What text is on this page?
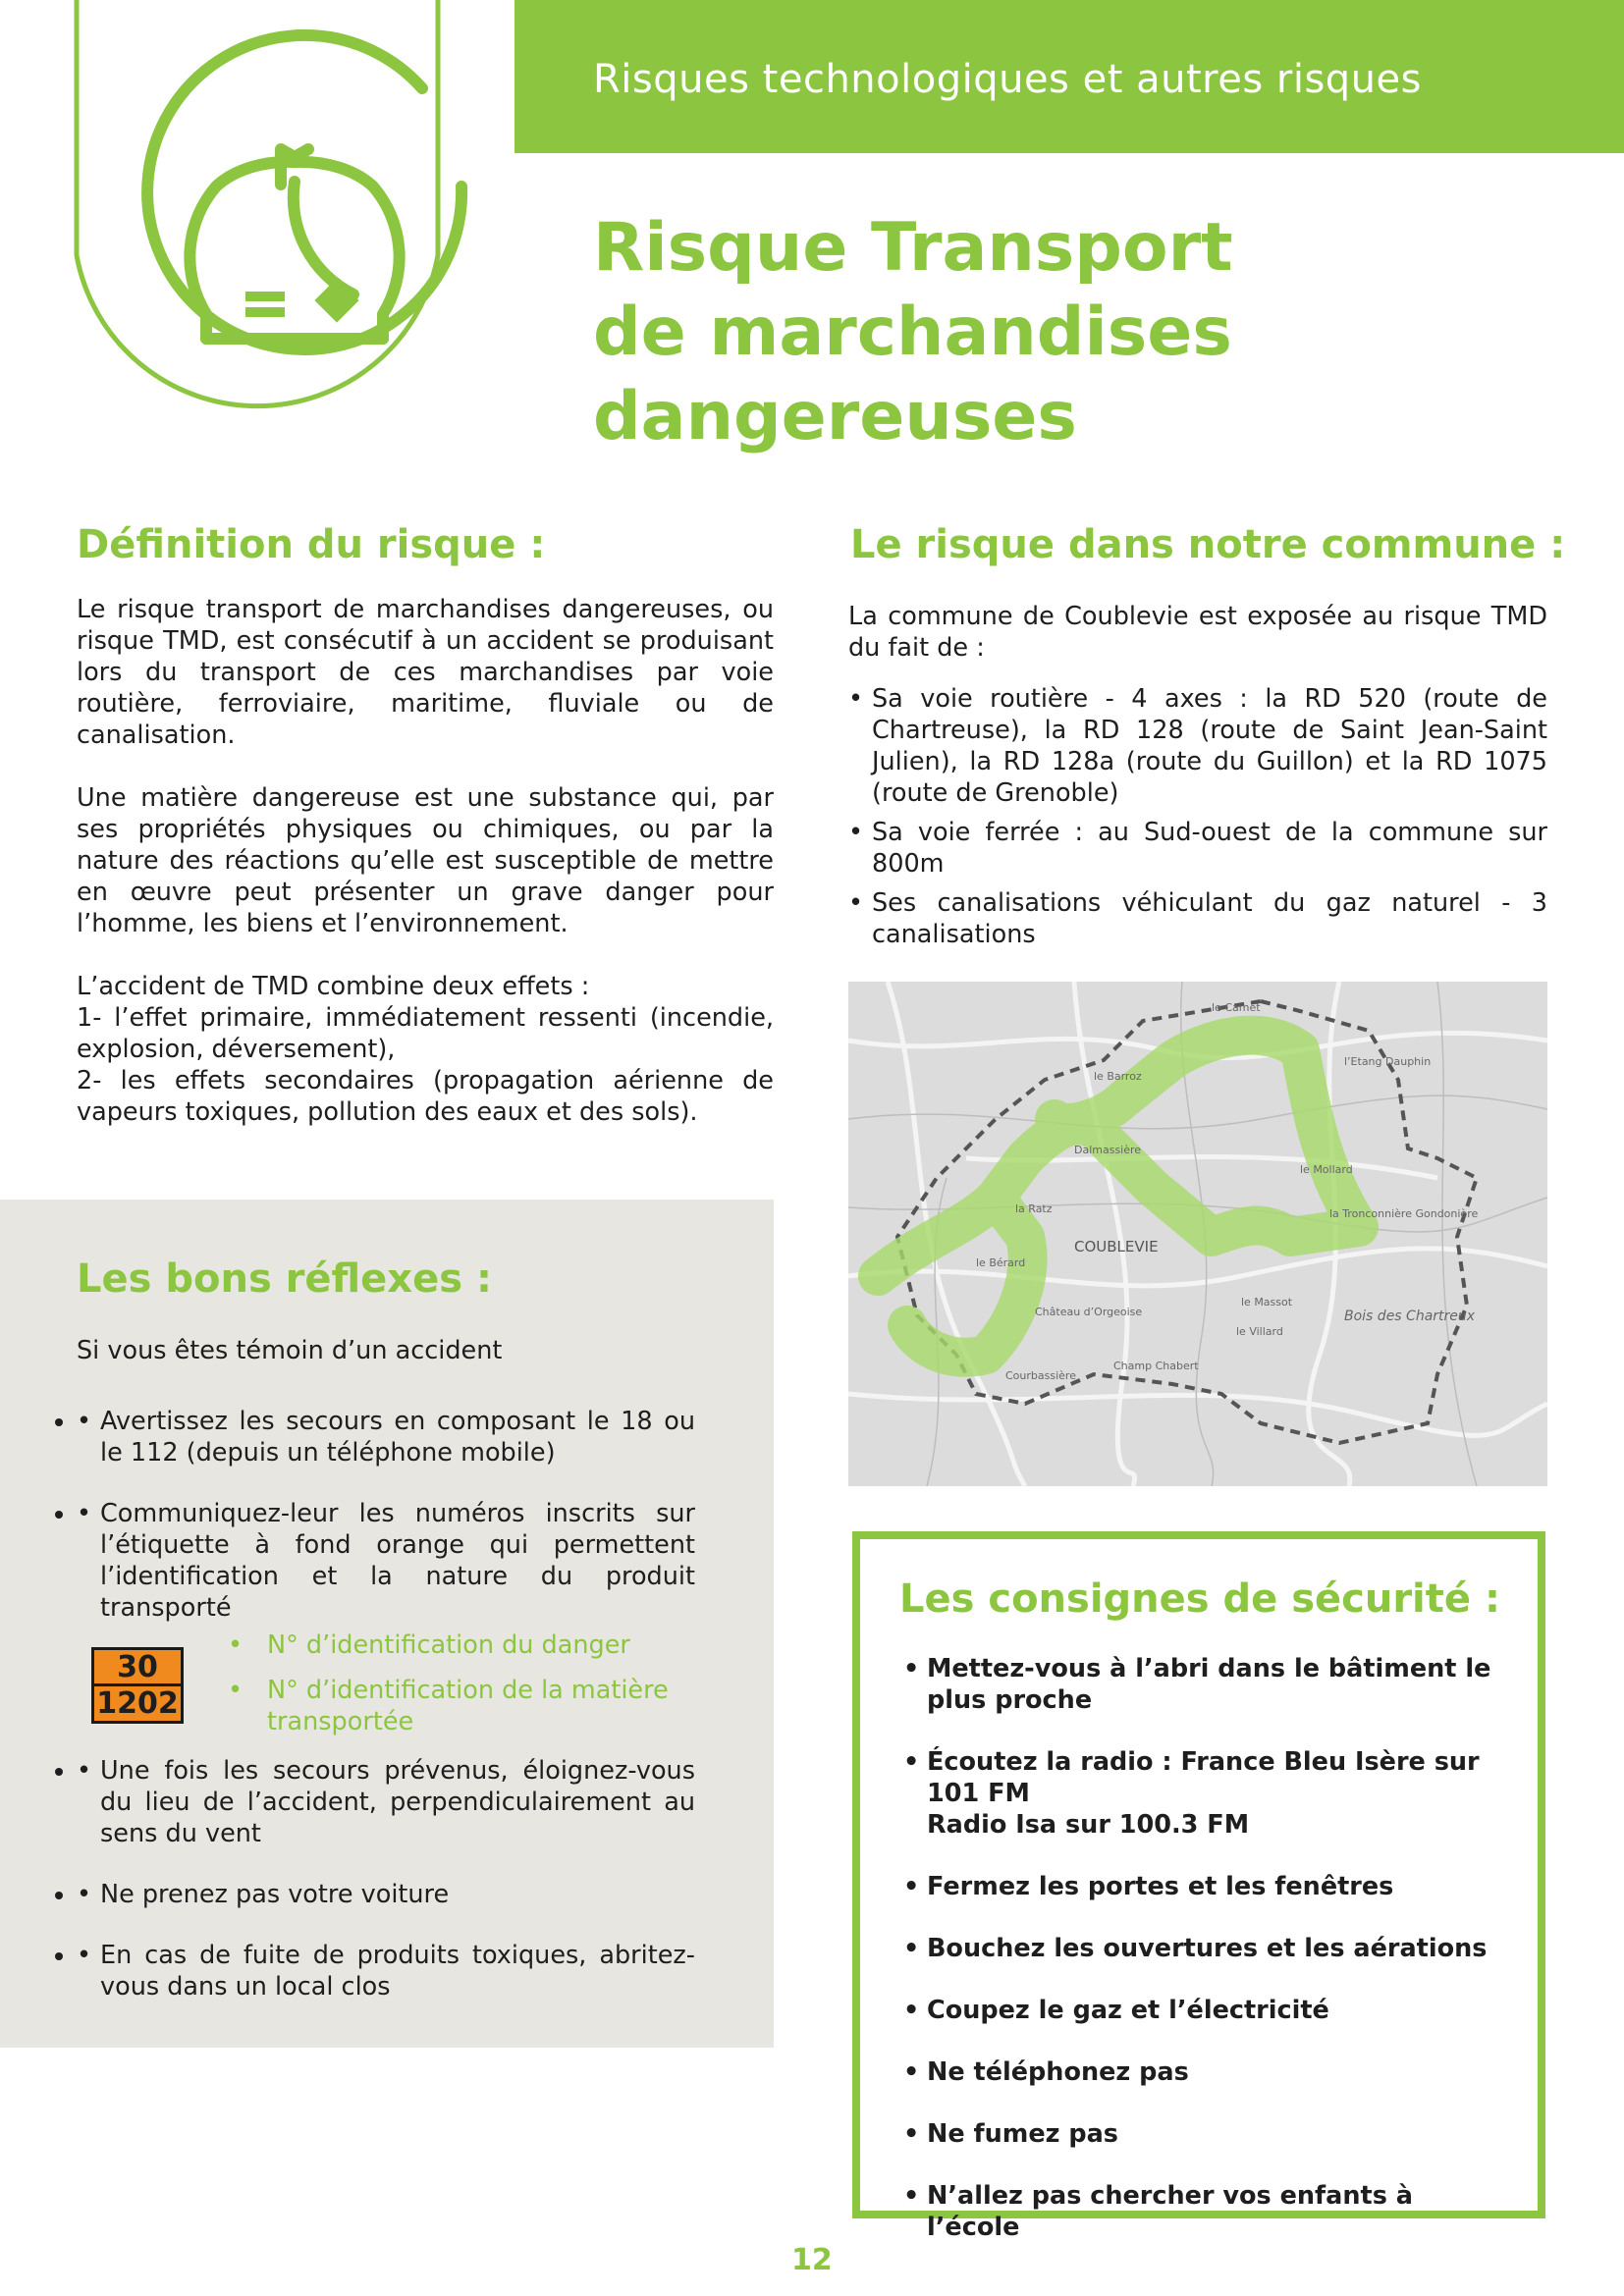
Risques technologiques et autres risques
Risque Transport
de marchandises
dangereuses
Définition du risque :
Le risque transport de marchandises dangereuses, ou risque TMD, est consécutif à un accident se produisant lors du transport de ces marchandises par voie routière, ferroviaire, maritime, fluviale ou de canalisation.
Une matière dangereuse est une substance qui, par ses propriétés physiques ou chimiques, ou par la nature des réactions qu’elle est susceptible de mettre en œuvre peut présenter un grave danger pour l’homme, les biens et l’environnement.
L’accident de TMD combine deux effets :
1- l’effet primaire, immédiatement ressenti (incendie, explosion, déversement),
2- les effets secondaires (propagation aérienne de vapeurs toxiques, pollution des eaux et des sols).
Le risque dans notre commune :
La commune de Coublevie est exposée au risque TMD du fait de :
• Sa voie routière - 4 axes : la RD 520 (route de Chartreuse), la RD 128 (route de Saint Jean-Saint Julien), la RD 128a (route du Guillon) et la RD 1075 (route de Grenoble)
• Sa voie ferrée : au Sud-ouest de la commune sur 800m
• Ses canalisations véhiculant du gaz naturel - 3 canalisations
COUBLEVIE
Bois des Chartreux
Château d’Orgeoise
le Camet
l’Etang Dauphin
le Barroz
Dalmassière
la Ratz
le Bérard
Courbassière
Champ Chabert
le Massot
le Villard
la Tronconnière Gondonière
le Mollard
Les bons réflexes :
Si vous êtes témoin d’un accident
• • Avertissez les secours en composant le 18 ou le 112 (depuis un téléphone mobile)
• • Communiquez-leur les numéros inscrits sur l’étiquette à fond orange qui permettent l’identification et la nature du produit transporté
30
1202
• N° d’identification du danger
• N° d’identification de la matière transportée
• • Une fois les secours prévenus, éloignez-vous du lieu de l’accident, perpendiculairement au sens du vent
• • Ne prenez pas votre voiture
• • En cas de fuite de produits toxiques, abritez-vous dans un local clos
Les consignes de sécurité :
• Mettez-vous à l’abri dans le bâtiment le plus proche
• Écoutez la radio : France Bleu Isère sur 101 FM
Radio Isa sur 100.3 FM
• Fermez les portes et les fenêtres
• Bouchez les ouvertures et les aérations
• Coupez le gaz et l’électricité
• Ne téléphonez pas
• Ne fumez pas
• N’allez pas chercher vos enfants à l’école
12
